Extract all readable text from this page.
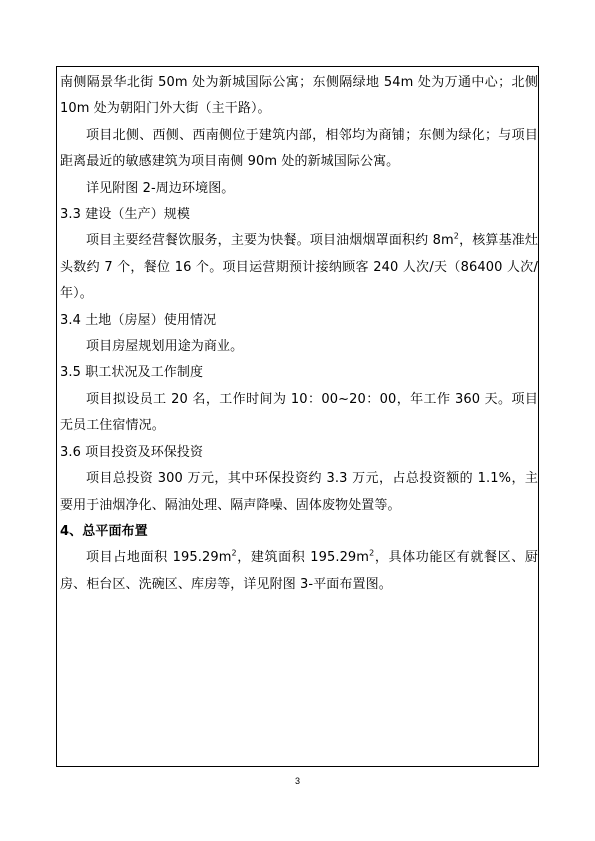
南侧隔景华北街 50m 处为新城国际公寓；东侧隔绿地 54m 处为万通中心；北侧10m 处为朝阳门外大街（主干路）。

项目北侧、西侧、西南侧位于建筑内部，相邻均为商铺；东侧为绿化；与项目距离最近的敏感建筑为项目南侧 90m 处的新城国际公寓。

详见附图 2-周边环境图。

3.3 建设（生产）规模

项目主要经营餐饮服务，主要为快餐。项目油烟烟罩面积约 $8m^2$，核算基准灶头数约 7 个，餐位 16 个。项目运营期预计接纳顾客 240 人次/天（86400 人次/年）。

3.4 土地（房屋）使用情况

项目房屋规划用途为商业。

3.5 职工状况及工作制度

项目拟设员工 20 名，工作时间为 10：00~20：00，年工作 360 天。项目无员工住宿情况。

3.6 项目投资及环保投资

项目总投资 300 万元，其中环保投资约 3.3 万元，占总投资额的 1.1%，主要用于油烟净化、隔油处理、隔声降噪、固体废物处置等。

4、总平面布置

项目占地面积 $195.29m^2$，建筑面积 $195.29m^2$，具体功能区有就餐区、厨房、柜台区、洗碗区、库房等，详见附图 3-平面布置图。

3
